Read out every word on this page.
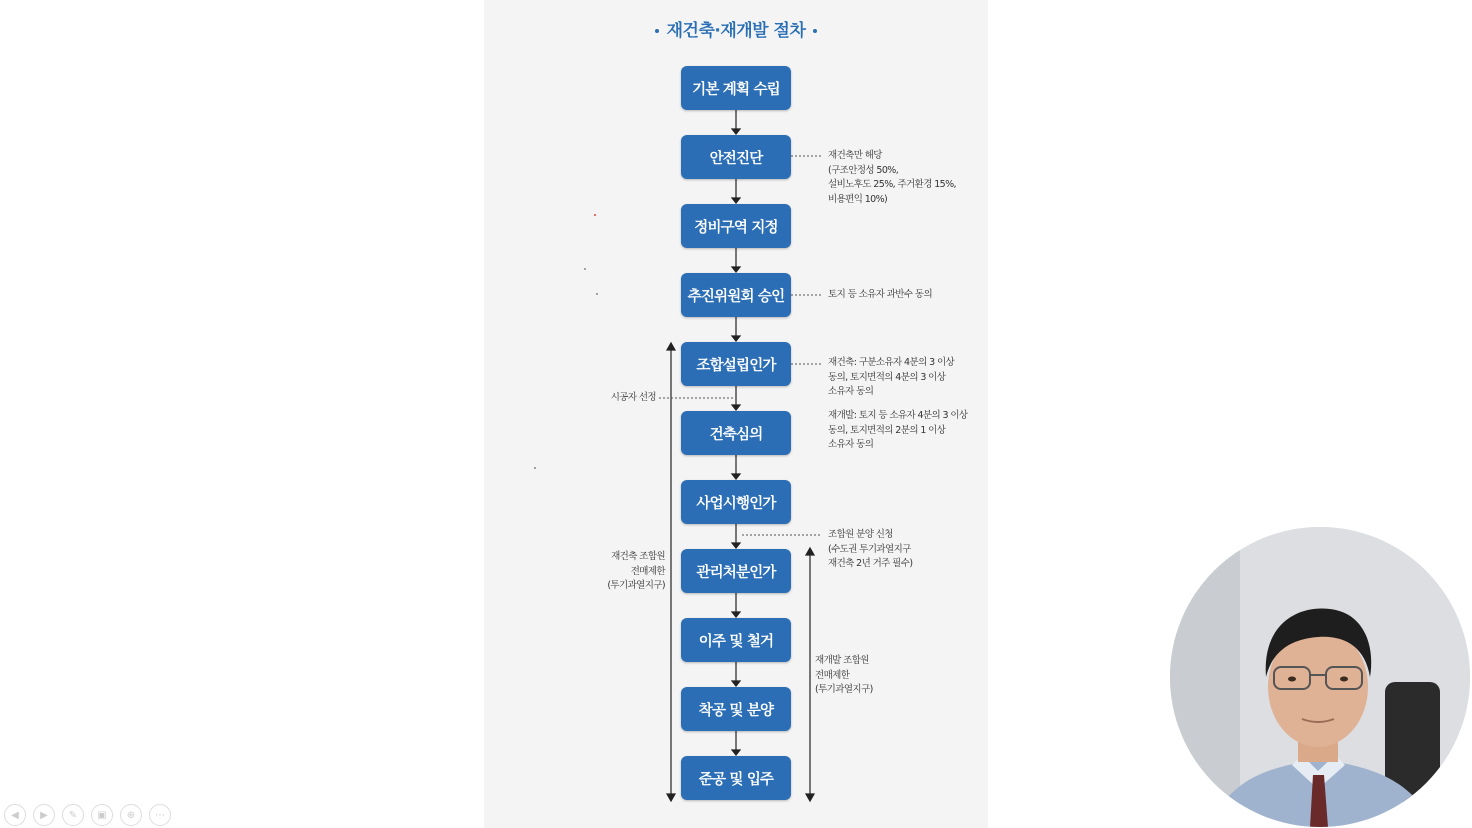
재건축·재개발 절차
기본 계획 수립
안전진단
정비구역 지정
추진위원회 승인
조합설립인가
건축심의
사업시행인가
관리처분인가
이주 및 철거
착공 및 분양
준공 및 입주
재건축만 해당
(구조안정성 50%,
설비노후도 25%, 주거환경 15%,
비용편익 10%)
토지 등 소유자 과반수 동의
재건축: 구분소유자 4분의 3 이상
동의, 토지면적의 4분의 3 이상
소유자 동의
재개발: 토지 등 소유자 4분의 3 이상
동의, 토지면적의 2분의 1 이상
소유자 동의
시공자 선정
조합원 분양 신청
(수도권 투기과열지구
재건축 2년 거주 필수)
재건축 조합원
전매제한
(투기과열지구)
재개발 조합원
전매제한
(투기과열지구)
◀	▶	✎	▣	⊕	⋯
